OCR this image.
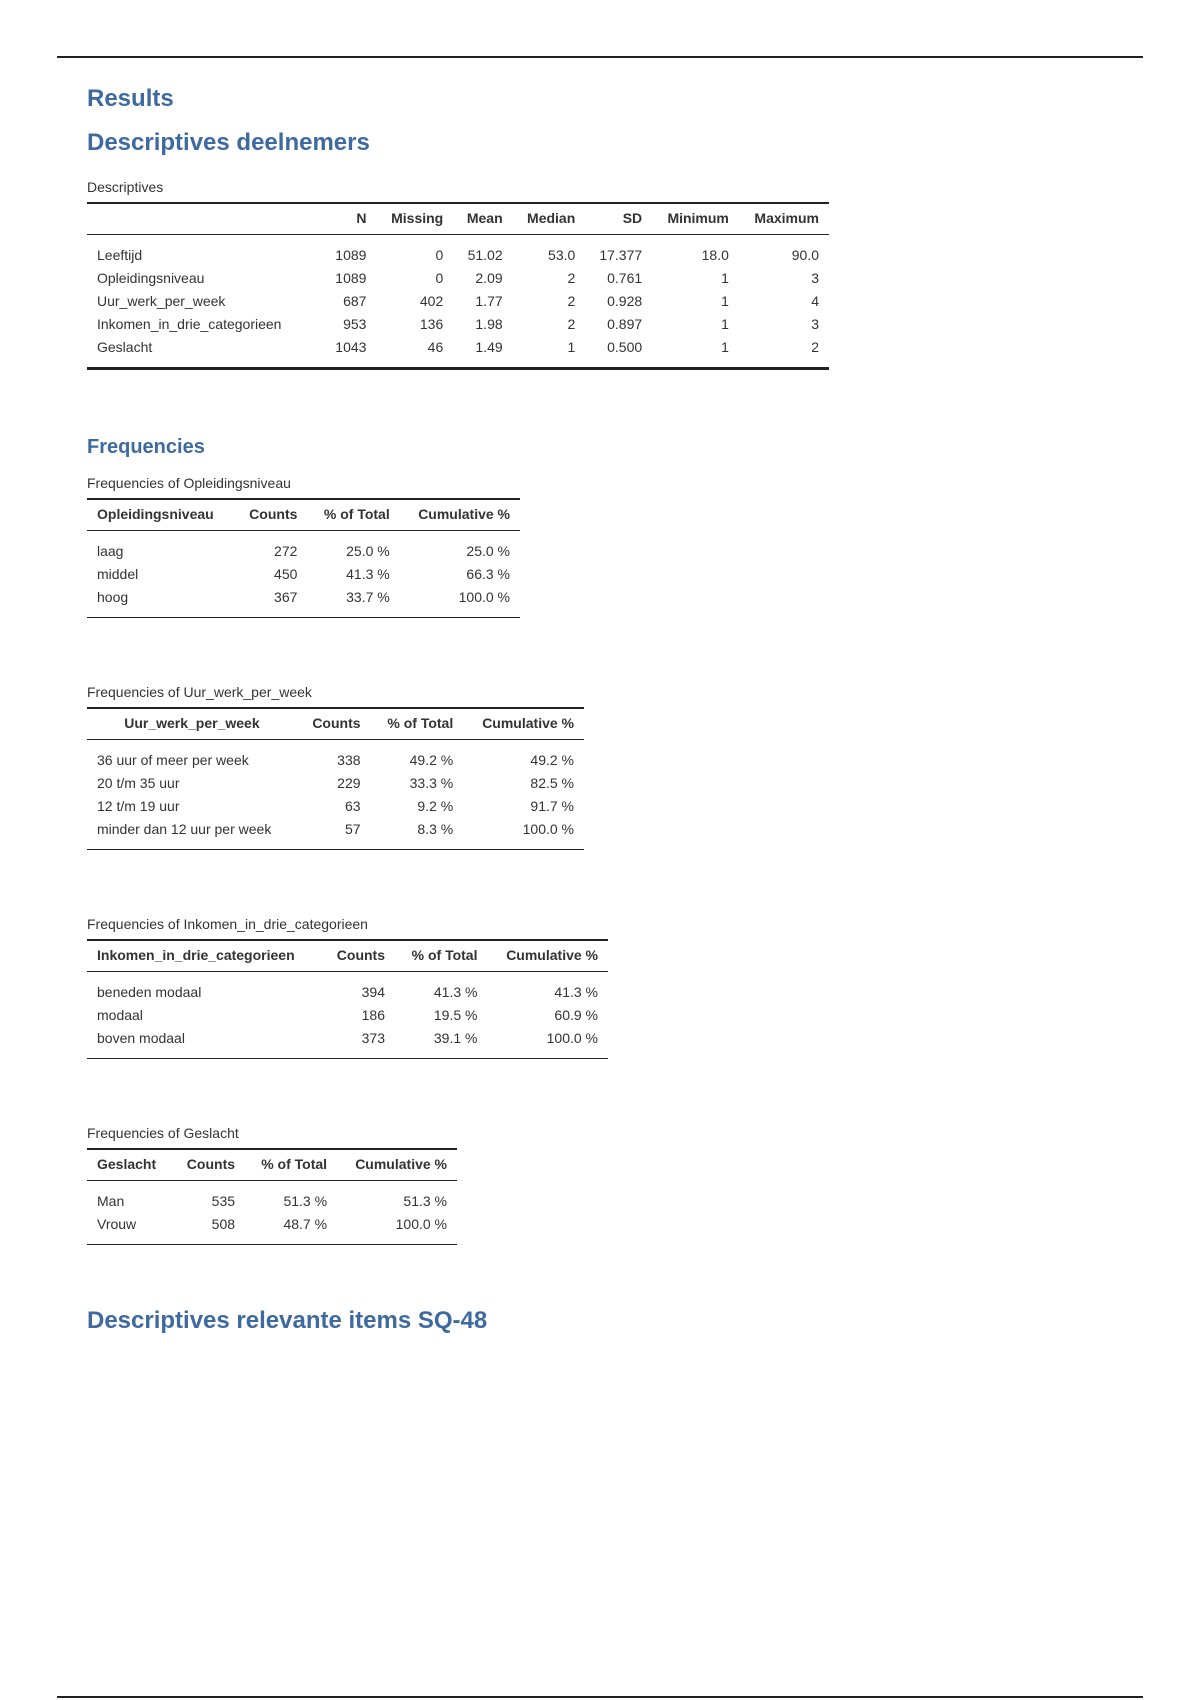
Results
Descriptives deelnemers

Descriptives

	N	Missing	Mean	Median	SD	Minimum	Maximum
Leeftijd	1089	0	51.02	53.0	17.377	18.0	90.0
Opleidingsniveau	1089	0	2.09	2	0.761	1	3
Uur_werk_per_week	687	402	1.77	2	0.928	1	4
Inkomen_in_drie_categorieen	953	136	1.98	2	0.897	1	3
Geslacht	1043	46	1.49	1	0.500	1	2
Frequencies

Frequencies of Opleidingsniveau

Opleidingsniveau	Counts	% of Total	Cumulative %
laag	272	25.0 %	25.0 %
middel	450	41.3 %	66.3 %
hoog	367	33.7 %	100.0 %

Frequencies of Uur_werk_per_week

Uur_werk_per_week	Counts	% of Total	Cumulative %
36 uur of meer per week	338	49.2 %	49.2 %
20 t/m 35 uur	229	33.3 %	82.5 %
12 t/m 19 uur	63	9.2 %	91.7 %
minder dan 12 uur per week	57	8.3 %	100.0 %

Frequencies of Inkomen_in_drie_categorieen

Inkomen_in_drie_categorieen	Counts	% of Total	Cumulative %
beneden modaal	394	41.3 %	41.3 %
modaal	186	19.5 %	60.9 %
boven modaal	373	39.1 %	100.0 %

Frequencies of Geslacht

Geslacht	Counts	% of Total	Cumulative %
Man	535	51.3 %	51.3 %
Vrouw	508	48.7 %	100.0 %
Descriptives relevante items SQ-48
